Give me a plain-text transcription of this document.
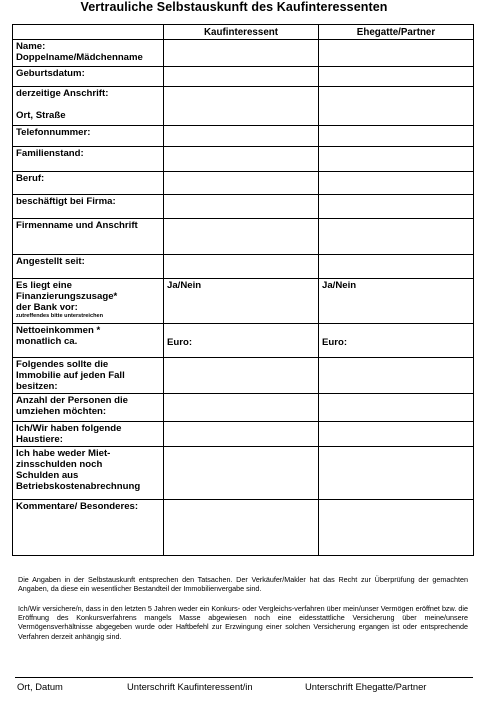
Vertrauliche Selbstauskunft des Kaufinteressenten
	Kaufinteressent	Ehegatte/Partner

Name:
Doppelname/Mädchenname		

Geburtsdatum:		

derzeitige Anschrift:
Ort, Straße		

Telefonnummer:		

Familienstand:		

Beruf:		

beschäftigt bei Firma:		

Firmenname und Anschrift		

Angestellt seit:		

Es liegt eine
Finanzierungszusage*
der Bank vor:
zutreffendes bitte unterstreichen	Ja/Nein	Ja/Nein

Nettoeinkommen *
monatlich ca.	Euro:	Euro:

Folgendes sollte die
Immobilie auf jeden Fall
besitzen:		

Anzahl der Personen die
umziehen möchten:		

Ich/Wir haben folgende
Haustiere:		

Ich habe weder Miet-
zinsschulden noch
Schulden aus
Betriebskostenabrechnung		

Kommentare/ Besonderes:		

Die Angaben in der Selbstauskunft entsprechen den Tatsachen. Der Verkäufer/Makler hat das Recht zur Überprüfung der gemachten Angaben, da diese ein wesentlicher Bestandteil der Immobilienvergabe sind.
Ich/Wir versichere/n, dass in den letzten 5 Jahren weder ein Konkurs- oder Vergleichs-verfahren über mein/unser Vermögen eröffnet bzw. die Eröffnung des Konkursverfahrens mangels Masse abgewiesen noch eine eidesstattliche Versicherung über meine/unsere Vermögensverhältnisse abgegeben wurde oder Haftbefehl zur Erzwingung einer solchen Versicherung ergangen ist oder entsprechende Verfahren derzeit anhängig sind.
Ort, Datum	Unterschrift Kaufinteressent/in	Unterschrift Ehegatte/Partner
